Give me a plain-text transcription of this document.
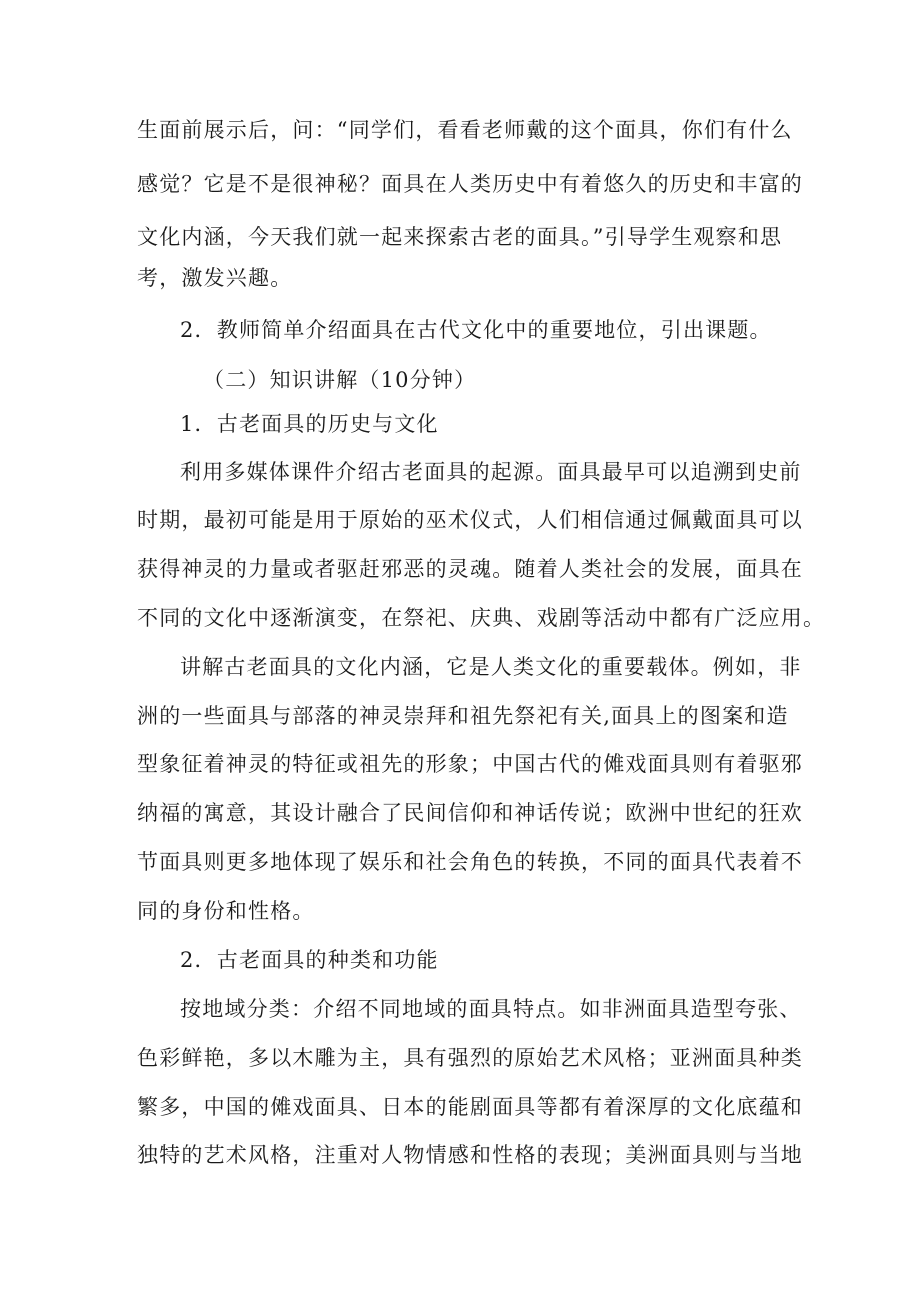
生面前展示后，问：“同学们，看看老师戴的这个面具，你们有什么

感觉？它是不是很神秘？面具在人类历史中有着悠久的历史和丰富的

文化内涵，今天我们就一起来探索古老的面具。”引导学生观察和思

考，激发兴趣。

2．教师简单介绍面具在古代文化中的重要地位，引出课题。

（二）知识讲解（10分钟）

1．古老面具的历史与文化

利用多媒体课件介绍古老面具的起源。面具最早可以追溯到史前

时期，最初可能是用于原始的巫术仪式，人们相信通过佩戴面具可以

获得神灵的力量或者驱赶邪恶的灵魂。随着人类社会的发展，面具在

不同的文化中逐渐演变，在祭祀、庆典、戏剧等活动中都有广泛应用。

讲解古老面具的文化内涵，它是人类文化的重要载体。例如，非

洲的一些面具与部落的神灵崇拜和祖先祭祀有关,面具上的图案和造

型象征着神灵的特征或祖先的形象；中国古代的傩戏面具则有着驱邪

纳福的寓意，其设计融合了民间信仰和神话传说；欧洲中世纪的狂欢

节面具则更多地体现了娱乐和社会角色的转换，不同的面具代表着不

同的身份和性格。

2．古老面具的种类和功能

按地域分类：介绍不同地域的面具特点。如非洲面具造型夸张、

色彩鲜艳，多以木雕为主，具有强烈的原始艺术风格；亚洲面具种类

繁多，中国的傩戏面具、日本的能剧面具等都有着深厚的文化底蕴和

独特的艺术风格，注重对人物情感和性格的表现；美洲面具则与当地
